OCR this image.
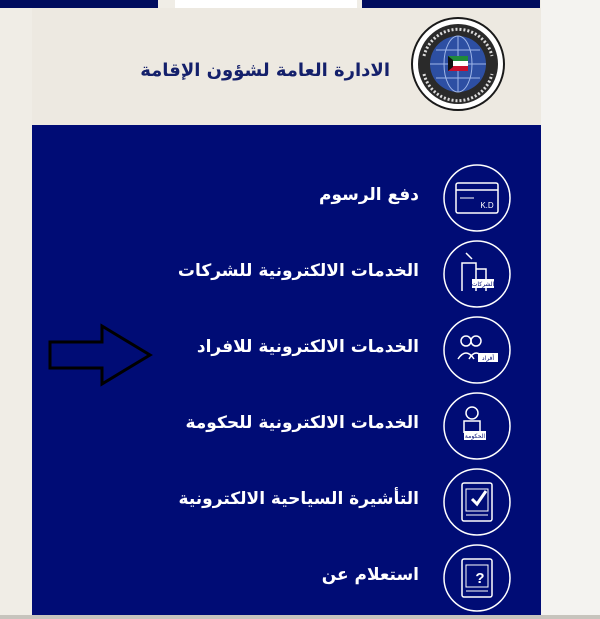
الادارة العامة لشؤون الإقامة
K.D
دفع الرسوم
الشركات
الخدمات الالكترونية للشركات
أفراد
الخدمات الالكترونية للافراد
الحكومة
الخدمات الالكترونية للحكومة
التأشيرة السياحية الالكترونية
?
استعلام عن
